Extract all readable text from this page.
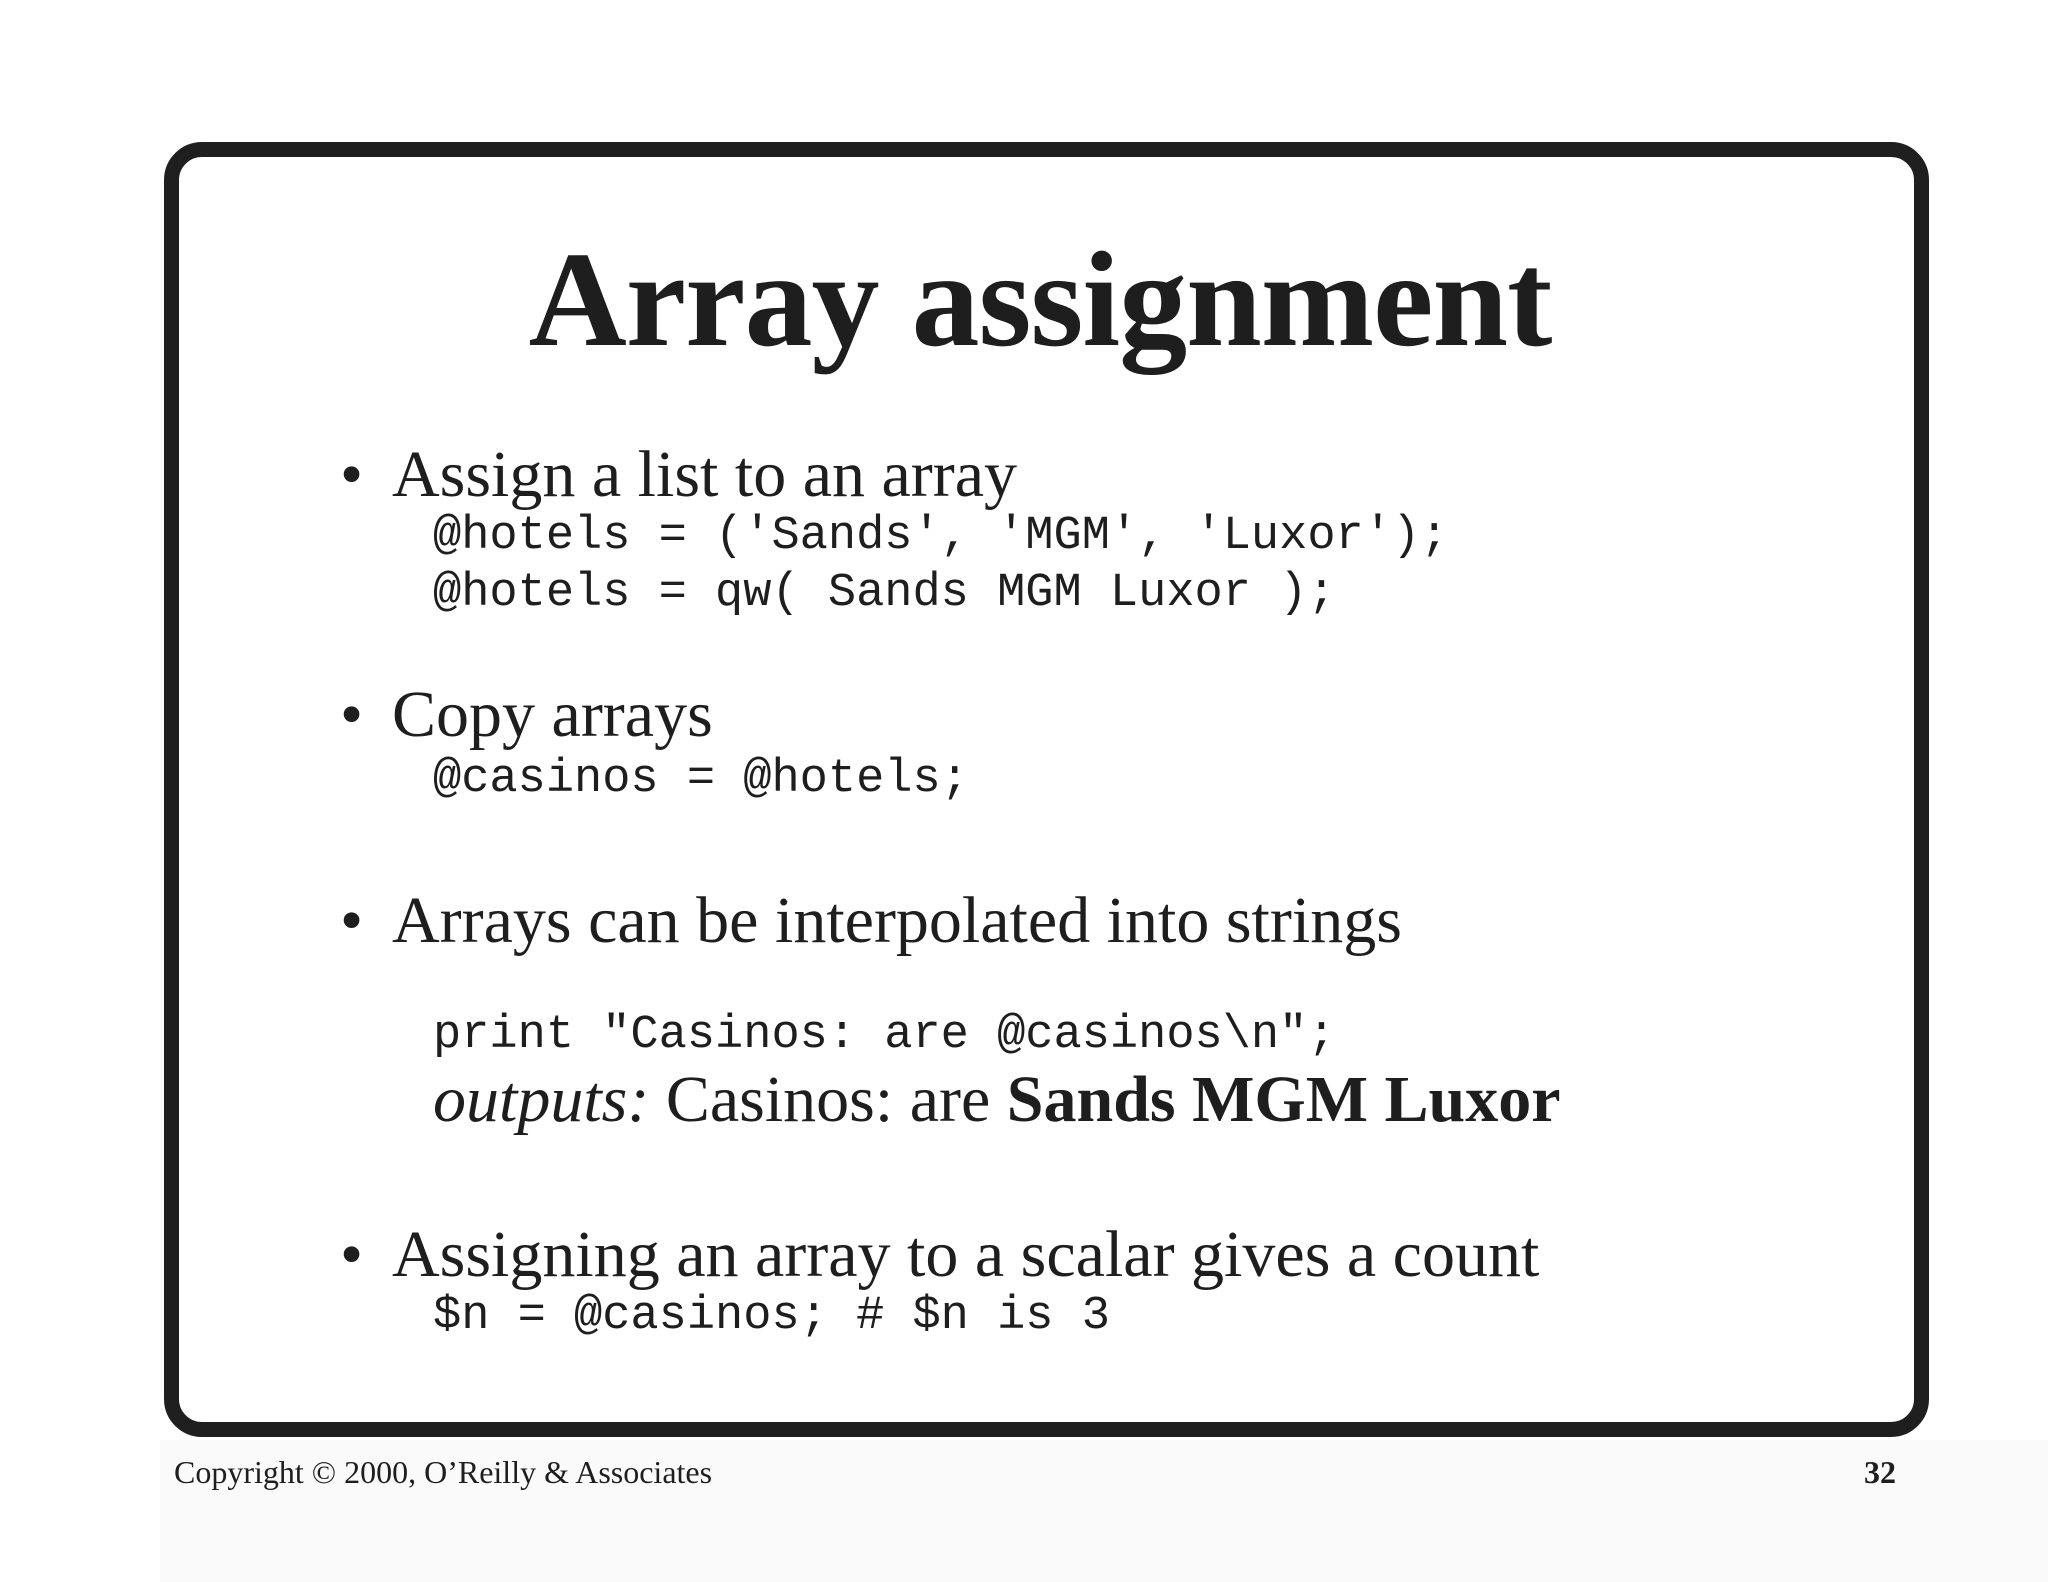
Array assignment
• Assign a list to an array
@hotels = ('Sands', 'MGM', 'Luxor');
@hotels = qw( Sands MGM Luxor );
• Copy arrays
@casinos = @hotels;
• Arrays can be interpolated into strings
print "Casinos: are @casinos\n";
outputs: Casinos: are Sands MGM Luxor
• Assigning an array to a scalar gives a count
$n = @casinos; # $n is 3
Copyright © 2000, O’Reilly & Associates	32
